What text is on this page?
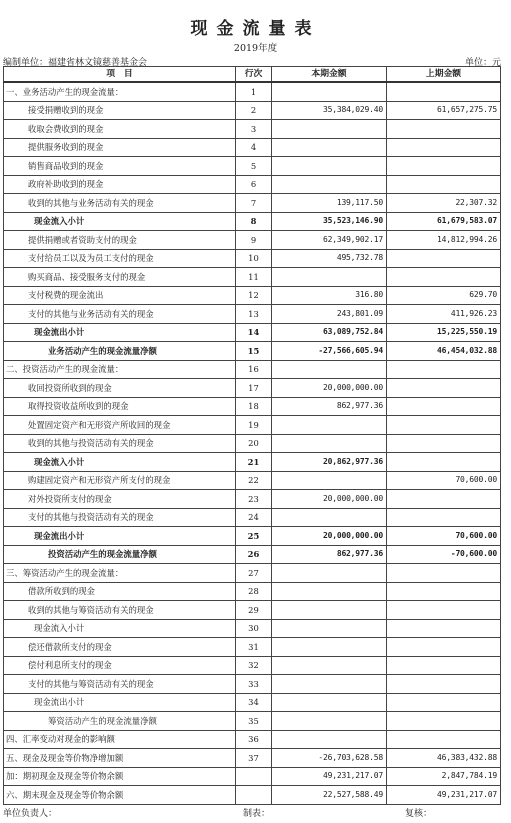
现金流量表
2019年度
编制单位：福建省林文镜慈善基金会	单位：元
项　目	行次	本期金额	上期金额
一、业务活动产生的现金流量：	1		
接受捐赠收到的现金	2	35,384,029.40	61,657,275.75
收取会费收到的现金	3		
提供服务收到的现金	4		
销售商品收到的现金	5		
政府补助收到的现金	6		
收到的其他与业务活动有关的现金	7	139,117.50	22,307.32
现金流入小计	8	35,523,146.90	61,679,583.07
提供捐赠或者资助支付的现金	9	62,349,902.17	14,812,994.26
支付给员工以及为员工支付的现金	10	495,732.78	
购买商品、接受服务支付的现金	11		
支付税费的现金流出	12	316.80	629.70
支付的其他与业务活动有关的现金	13	243,801.09	411,926.23
现金流出小计	14	63,089,752.84	15,225,550.19
业务活动产生的现金流量净额	15	-27,566,605.94	46,454,032.88
二、投资活动产生的现金流量：	16		
收回投资所收到的现金	17	20,000,000.00	
取得投资收益所收到的现金	18	862,977.36	
处置固定资产和无形资产所收回的现金	19		
收到的其他与投资活动有关的现金	20		
现金流入小计	21	20,862,977.36	
购建固定资产和无形资产所支付的现金	22		70,600.00
对外投资所支付的现金	23	20,000,000.00	
支付的其他与投资活动有关的现金	24		
现金流出小计	25	20,000,000.00	70,600.00
投资活动产生的现金流量净额	26	862,977.36	-70,600.00
三、筹资活动产生的现金流量：	27		
借款所收到的现金	28		
收到的其他与筹资活动有关的现金	29		
现金流入小计	30		
偿还借款所支付的现金	31		
偿付利息所支付的现金	32		
支付的其他与筹资活动有关的现金	33		
现金流出小计	34		
筹资活动产生的现金流量净额	35		
四、汇率变动对现金的影响额	36		
五、现金及现金等价物净增加额	37	-26,703,628.58	46,383,432.88
加：期初现金及现金等价物余额		49,231,217.07	2,847,784.19
六、期末现金及现金等价物余额		22,527,588.49	49,231,217.07
单位负责人：	制表：	复核：
